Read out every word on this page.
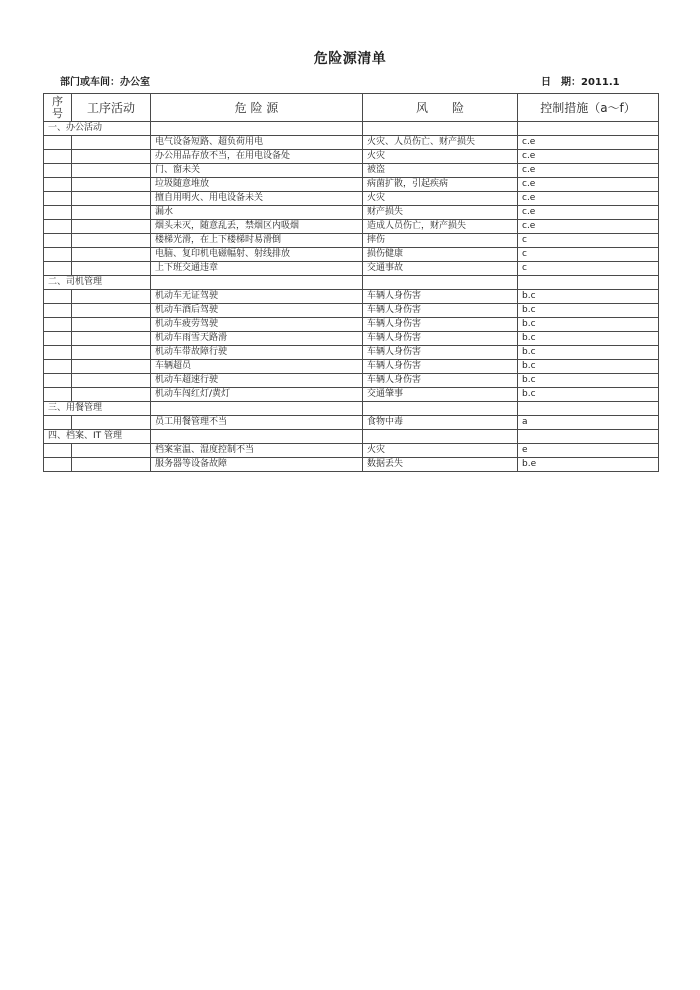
危险源清单
部门或车间：办公室	日　期：2011.1
序号	工序活动	危 险 源	风　　险	控制措施（a～f）
一、办公活动				
		电气设备短路、超负荷用电	火灾、人员伤亡、财产损失	c.e
		办公用品存放不当，在用电设备处	火灾	c.e
		门、窗未关	被盗	c.e
		垃圾随意堆放	病菌扩散，引起疾病	c.e
		擅自用明火、用电设备未关	火灾	c.e
		漏水	财产损失	c.e
		烟头未灭，随意乱丢，禁烟区内吸烟	造成人员伤亡，财产损失	c.e
		楼梯光滑，在上下楼梯时易滑倒	摔伤	c
		电脑、复印机电磁幅射、射线排放	损伤健康	c
		上下班交通违章	交通事故	c
二、司机管理				
		机动车无证驾驶	车辆人身伤害	b.c
		机动车酒后驾驶	车辆人身伤害	b.c
		机动车疲劳驾驶	车辆人身伤害	b.c
		机动车雨雪天路滑	车辆人身伤害	b.c
		机动车带故障行驶	车辆人身伤害	b.c
		车辆超员	车辆人身伤害	b.c
		机动车超速行驶	车辆人身伤害	b.c
		机动车闯红灯/黄灯	交通肇事	b.c
三、用餐管理				
		员工用餐管理不当	食物中毒	a
四、档案、IT 管理				
		档案室温、湿度控制不当	火灾	e
		服务器等设备故障	数据丢失	b.e
